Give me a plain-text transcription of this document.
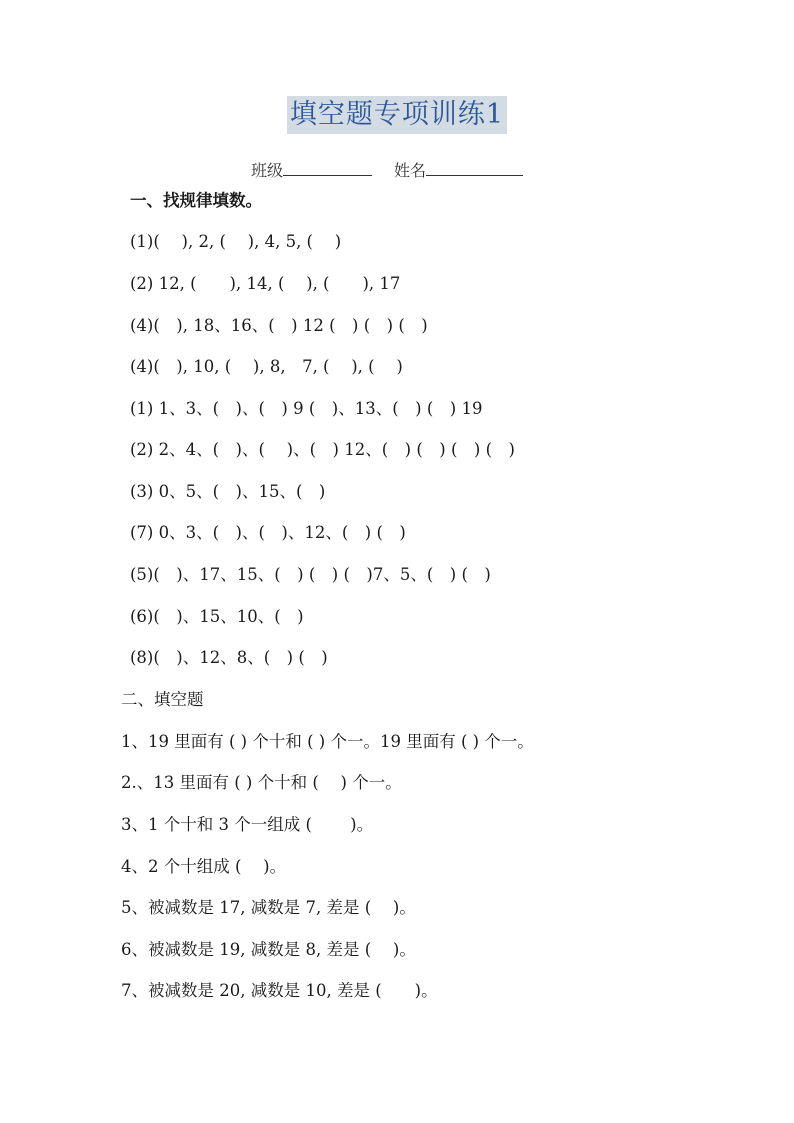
填空题专项训练1
班级	姓名
一、找规律填数。
(1)(　 ), 2, (　 ), 4, 5, (　 )
(2) 12, (　　), 14, (　 ), (　　), 17
(4)(　), 18、16、(　) 12 (　) (　) (　)
(4)(　), 10, (　 ), 8,　7, (　 ), (　 )
(1) 1、3、(　)、(　) 9 (　)、13、(　) (　) 19
(2) 2、4、(　)、(　 )、(　) 12、(　) (　) (　) (　)
(3) 0、5、(　)、15、(　)
(7) 0、3、(　)、(　)、12、(　) (　)
(5)(　)、17、15、(　) (　) (　)7、5、(　) (　)
(6)(　)、15、10、(　)
(8)(　)、12、8、(　) (　)
二、填空题
1、19 里面有 ( ) 个十和 ( ) 个一。19 里面有 ( ) 个一。
2.、13 里面有 ( ) 个十和 (　 ) 个一。
3、1 个十和 3 个一组成 (　　 )。
4、2 个十组成 (　 )。
5、被减数是 17, 减数是 7, 差是 (　 )。
6、被减数是 19, 减数是 8, 差是 (　 )。
7、被减数是 20, 减数是 10, 差是 (　　)。
